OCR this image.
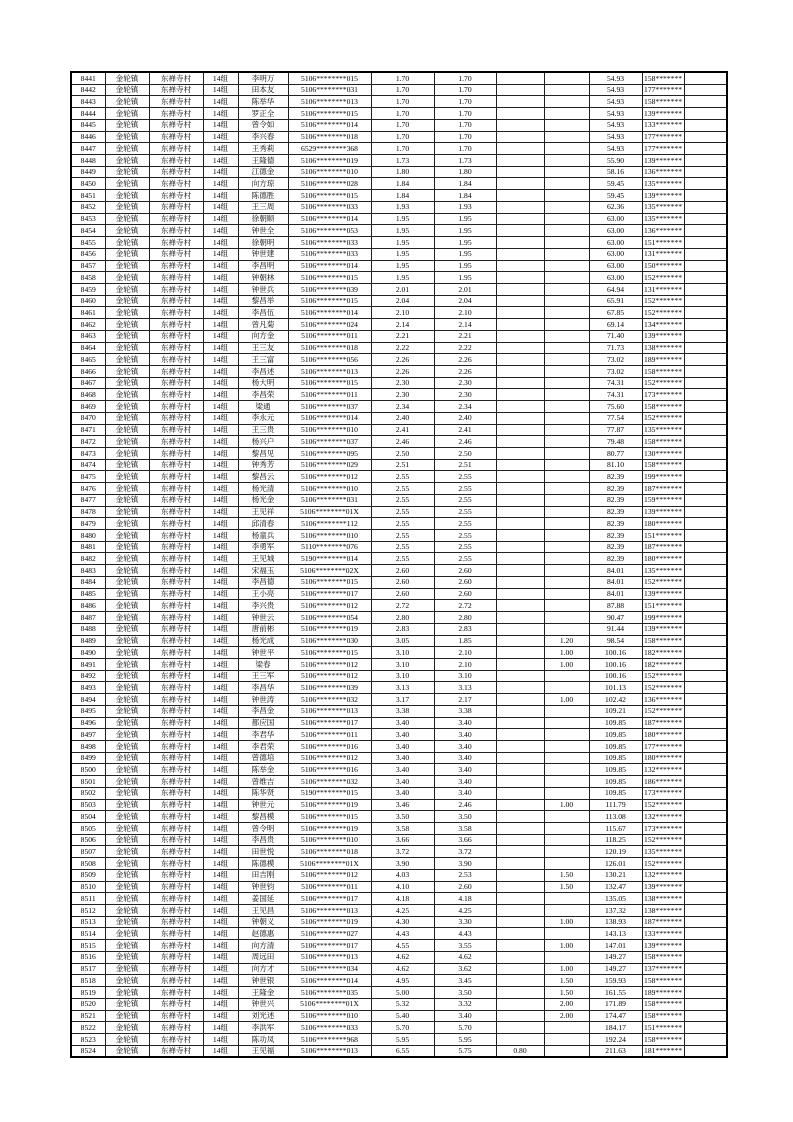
8441	金轮镇	东禅寺村	14组	李明万	5106********015	1.70	1.70			54.93	158*******	
8442	金轮镇	东禅寺村	14组	田本友	5106********031	1.70	1.70			54.93	177*******	
8443	金轮镇	东禅寺村	14组	陈举华	5106********013	1.70	1.70			54.93	158*******	
8444	金轮镇	东禅寺村	14组	罗正全	5106********015	1.70	1.70			54.93	139*******	
8445	金轮镇	东禅寺村	14组	曾令如	5106********014	1.70	1.70			54.93	133*******	
8446	金轮镇	东禅寺村	14组	李兴春	5106********018	1.70	1.70			54.93	177*******	
8447	金轮镇	东禅寺村	14组	王秀莉	6529********368	1.70	1.70			54.93	177*******	
8448	金轮镇	东禅寺村	14组	王隆德	5106********019	1.73	1.73			55.90	139*******	
8449	金轮镇	东禅寺村	14组	江德金	5106********010	1.80	1.80			58.16	136*******	
8450	金轮镇	东禅寺村	14组	向方琼	5106********028	1.84	1.84			59.45	135*******	
8451	金轮镇	东禅寺村	14组	陈德胜	5106********015	1.84	1.84			59.45	139*******	
8452	金轮镇	东禅寺村	14组	王三周	5106********033	1.93	1.93			62.36	135*******	
8453	金轮镇	东禅寺村	14组	徐朝顺	5106********014	1.95	1.95			63.00	135*******	
8454	金轮镇	东禅寺村	14组	钟世全	5106********053	1.95	1.95			63.00	136*******	
8455	金轮镇	东禅寺村	14组	徐朝明	5106********033	1.95	1.95			63.00	151*******	
8456	金轮镇	东禅寺村	14组	钟世建	5106********033	1.95	1.95			63.00	131*******	
8457	金轮镇	东禅寺村	14组	李昌明	5106********014	1.95	1.95			63.00	150*******	
8458	金轮镇	东禅寺村	14组	钟朝林	5106********015	1.95	1.95			63.00	152*******	
8459	金轮镇	东禅寺村	14组	钟世兵	5106********039	2.01	2.01			64.94	131*******	
8460	金轮镇	东禅寺村	14组	黎昌举	5106********015	2.04	2.04			65.91	152*******	
8461	金轮镇	东禅寺村	14组	李昌伍	5106********014	2.10	2.10			67.85	152*******	
8462	金轮镇	东禅寺村	14组	曾凡菊	5106********024	2.14	2.14			69.14	134*******	
8463	金轮镇	东禅寺村	14组	向方金	5106********011	2.21	2.21			71.40	139*******	
8464	金轮镇	东禅寺村	14组	王三友	5106********018	2.22	2.22			71.73	138*******	
8465	金轮镇	东禅寺村	14组	王三富	5106********056	2.26	2.26			73.02	189*******	
8466	金轮镇	东禅寺村	14组	李昌述	5106********013	2.26	2.26			73.02	158*******	
8467	金轮镇	东禅寺村	14组	杨大明	5106********015	2.30	2.30			74.31	152*******	
8468	金轮镇	东禅寺村	14组	李昌荣	5106********011	2.30	2.30			74.31	173*******	
8469	金轮镇	东禅寺村	14组	梁通	5106********037	2.34	2.34			75.60	158*******	
8470	金轮镇	东禅寺村	14组	李永元	5106********014	2.40	2.40			77.54	152*******	
8471	金轮镇	东禅寺村	14组	王三贵	5106********010	2.41	2.41			77.87	135*******	
8472	金轮镇	东禅寺村	14组	杨兴户	5106********037	2.46	2.46			79.48	158*******	
8473	金轮镇	东禅寺村	14组	黎昌见	5106********095	2.50	2.50			80.77	130*******	
8474	金轮镇	东禅寺村	14组	钟秀芳	5106********029	2.51	2.51			81.10	158*******	
8475	金轮镇	东禅寺村	14组	黎昌云	5106********012	2.55	2.55			82.39	199*******	
8476	金轮镇	东禅寺村	14组	杨光清	5106********010	2.55	2.55			82.39	187*******	
8477	金轮镇	东禅寺村	14组	杨光金	5106********031	2.55	2.55			82.39	159*******	
8478	金轮镇	东禅寺村	14组	王见祥	5106********01X	2.55	2.55			82.39	139*******	
8479	金轮镇	东禅寺村	14组	邱清春	5106********112	2.55	2.55			82.39	180*******	
8480	金轮镇	东禅寺村	14组	杨童兵	5106********010	2.55	2.55			82.39	151*******	
8481	金轮镇	东禅寺村	14组	李勇军	5110********076	2.55	2.55			82.39	187*******	
8482	金轮镇	东禅寺村	14组	王见城	5190********014	2.55	2.55			82.39	180*******	
8483	金轮镇	东禅寺村	14组	宋福玉	5106********02X	2.60	2.60			84.01	135*******	
8484	金轮镇	东禅寺村	14组	李昌德	5106********015	2.60	2.60			84.01	152*******	
8485	金轮镇	东禅寺村	14组	王小亮	5106********017	2.60	2.60			84.01	139*******	
8486	金轮镇	东禅寺村	14组	李兴贵	5106********012	2.72	2.72			87.88	151*******	
8487	金轮镇	东禅寺村	14组	钟世云	5106********054	2.80	2.80			90.47	199*******	
8488	金轮镇	东禅寺村	14组	唐前彬	5106********019	2.83	2.83			91.44	139*******	
8489	金轮镇	东禅寺村	14组	杨光成	5106********030	3.05	1.85		1.20	98.54	158*******	
8490	金轮镇	东禅寺村	14组	钟世平	5106********015	3.10	2.10		1.00	100.16	182*******	
8491	金轮镇	东禅寺村	14组	梁春	5106********012	3.10	2.10		1.00	100.16	182*******	
8492	金轮镇	东禅寺村	14组	王三军	5106********012	3.10	3.10			100.16	152*******	
8493	金轮镇	东禅寺村	14组	李昌华	5106********039	3.13	3.13			101.13	152*******	
8494	金轮镇	东禅寺村	14组	钟世涛	5106********032	3.17	2.17		1.00	102.42	136*******	
8495	金轮镇	东禅寺村	14组	李昌金	5106********013	3.38	3.38			109.21	152*******	
8496	金轮镇	东禅寺村	14组	都应国	5106********017	3.40	3.40			109.85	187*******	
8497	金轮镇	东禅寺村	14组	李君华	5106********011	3.40	3.40			109.85	180*******	
8498	金轮镇	东禅寺村	14组	李君荣	5106********016	3.40	3.40			109.85	177*******	
8499	金轮镇	东禅寺村	14组	曾德培	5106********012	3.40	3.40			109.85	180*******	
8500	金轮镇	东禅寺村	14组	陈举金	5106********016	3.40	3.40			109.85	132*******	
8501	金轮镇	东禅寺村	14组	曾维吉	5106********032	3.40	3.40			109.85	186*******	
8502	金轮镇	东禅寺村	14组	陈华贤	5190********015	3.40	3.40			109.85	173*******	
8503	金轮镇	东禅寺村	14组	钟世元	5106********019	3.46	2.46		1.00	111.79	152*******	
8504	金轮镇	东禅寺村	14组	黎昌模	5106********015	3.50	3.50			113.08	132*******	
8505	金轮镇	东禅寺村	14组	曾令明	5106********019	3.58	3.58			115.67	173*******	
8506	金轮镇	东禅寺村	14组	李昌贵	5106********010	3.66	3.66			118.25	152*******	
8507	金轮镇	东禅寺村	14组	田世悦	5106********018	3.72	3.72			120.19	135*******	
8508	金轮镇	东禅寺村	14组	陈德模	5106********01X	3.90	3.90			126.01	152*******	
8509	金轮镇	东禅寺村	14组	田吉刚	5106********012	4.03	2.53		1.50	130.21	132*******	
8510	金轮镇	东禅寺村	14组	钟世钧	5106********011	4.10	2.60		1.50	132.47	139*******	
8511	金轮镇	东禅寺村	14组	姜国延	5106********017	4.18	4.18			135.05	138*******	
8512	金轮镇	东禅寺村	14组	王见昌	5106********013	4.25	4.25			137.32	138*******	
8513	金轮镇	东禅寺村	14组	钟朝义	5106********019	4.30	3.30		1.00	138.93	187*******	
8514	金轮镇	东禅寺村	14组	赵德惠	5106********027	4.43	4.43			143.13	133*******	
8515	金轮镇	东禅寺村	14组	向方清	5106********017	4.55	3.55		1.00	147.01	139*******	
8516	金轮镇	东禅寺村	14组	周远田	5106********013	4.62	4.62			149.27	158*******	
8517	金轮镇	东禅寺村	14组	向方才	5106********034	4.62	3.62		1.00	149.27	137*******	
8518	金轮镇	东禅寺村	14组	钟世银	5106********014	4.95	3.45		1.50	159.93	158*******	
8519	金轮镇	东禅寺村	14组	王隆金	5106********035	5.00	3.50		1.50	161.55	189*******	
8520	金轮镇	东禅寺村	14组	钟世兴	5106********01X	5.32	3.32		2.00	171.89	158*******	
8521	金轮镇	东禅寺村	14组	刘光述	5106********010	5.40	3.40		2.00	174.47	158*******	
8522	金轮镇	东禅寺村	14组	李洪军	5106********033	5.70	5.70			184.17	151*******	
8523	金轮镇	东禅寺村	14组	陈功凤	5106********968	5.95	5.95			192.24	158*******	
8524	金轮镇	东禅寺村	14组	王见福	5106********013	6.55	5.75	0.80		211.63	181*******	
